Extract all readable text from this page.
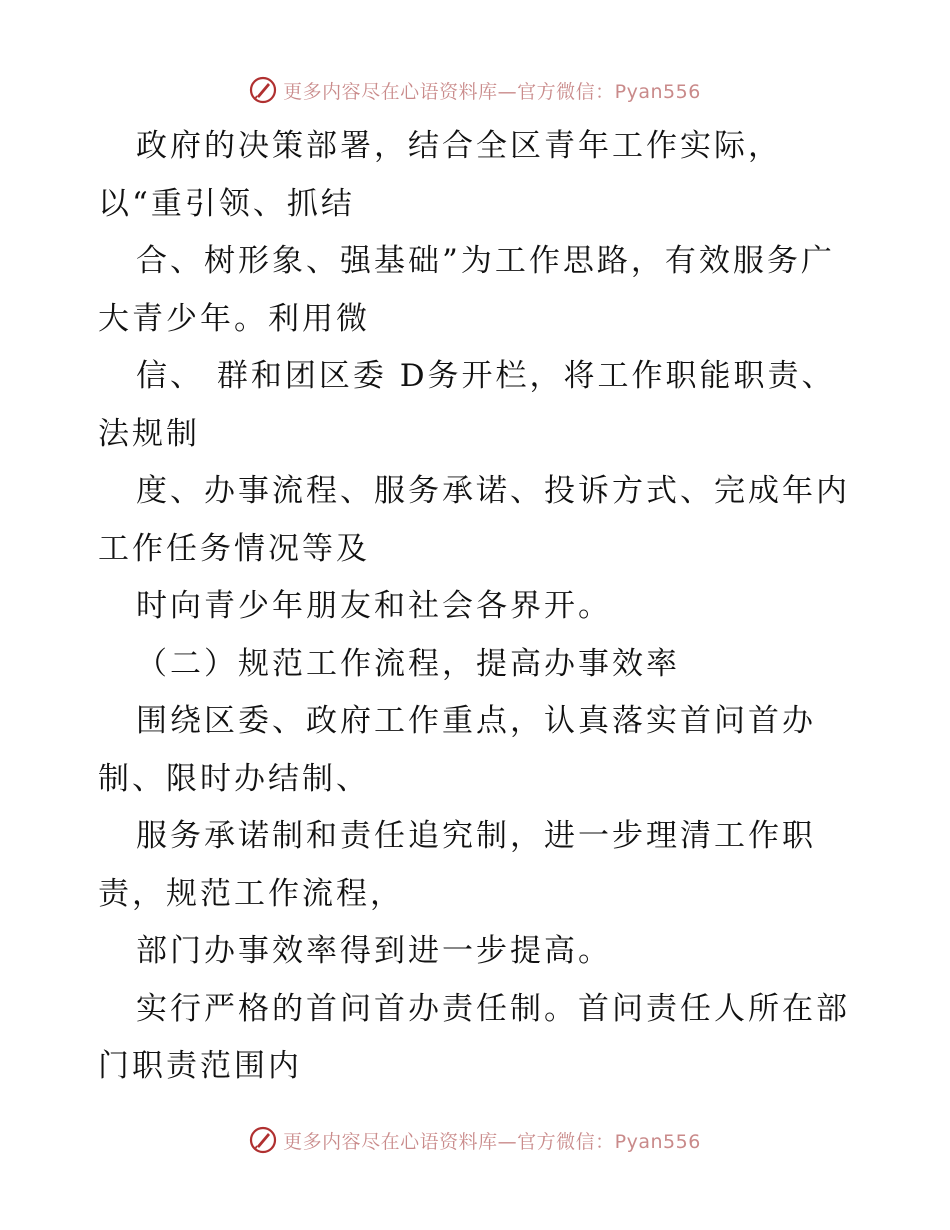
更多内容尽在心语资料库—官方微信：Pyan556
政府的决策部署，结合全区青年工作实际，
以“重引领、抓结
合、树形象、强基础”为工作思路，有效服务广
大青少年。利用微
信、 群和团区委 D务开栏，将工作职能职责、
法规制
度、办事流程、服务承诺、投诉方式、完成年内
工作任务情况等及
时向青少年朋友和社会各界开。
（二）规范工作流程，提高办事效率
围绕区委、政府工作重点，认真落实首问首办
制、限时办结制、
服务承诺制和责任追究制，进一步理清工作职
责，规范工作流程，
部门办事效率得到进一步提高。
实行严格的首问首办责任制。首问责任人所在部
门职责范围内
更多内容尽在心语资料库—官方微信：Pyan556
